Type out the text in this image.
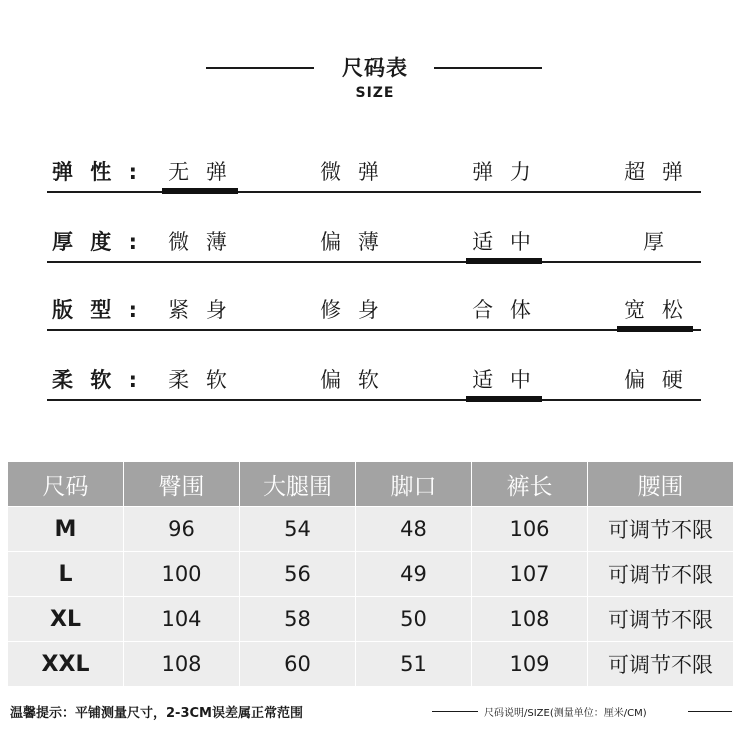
尺码表
SIZE
弹 性 :	无 弹	微 弹	弹 力	超 弹
厚 度 :	微 薄	偏 薄	适 中	厚
版 型 :	紧 身	修 身	合 体	宽 松
柔 软 :	柔 软	偏 软	适 中	偏 硬
尺码	臀围	大腿围	脚口	裤长	腰围
M	96	54	48	106	可调节不限
L	100	56	49	107	可调节不限
XL	104	58	50	108	可调节不限
XXL	108	60	51	109	可调节不限
温馨提示：平铺测量尺寸，2-3CM误差属正常范围	尺码说明/SIZE(测量单位：厘米/CM)
